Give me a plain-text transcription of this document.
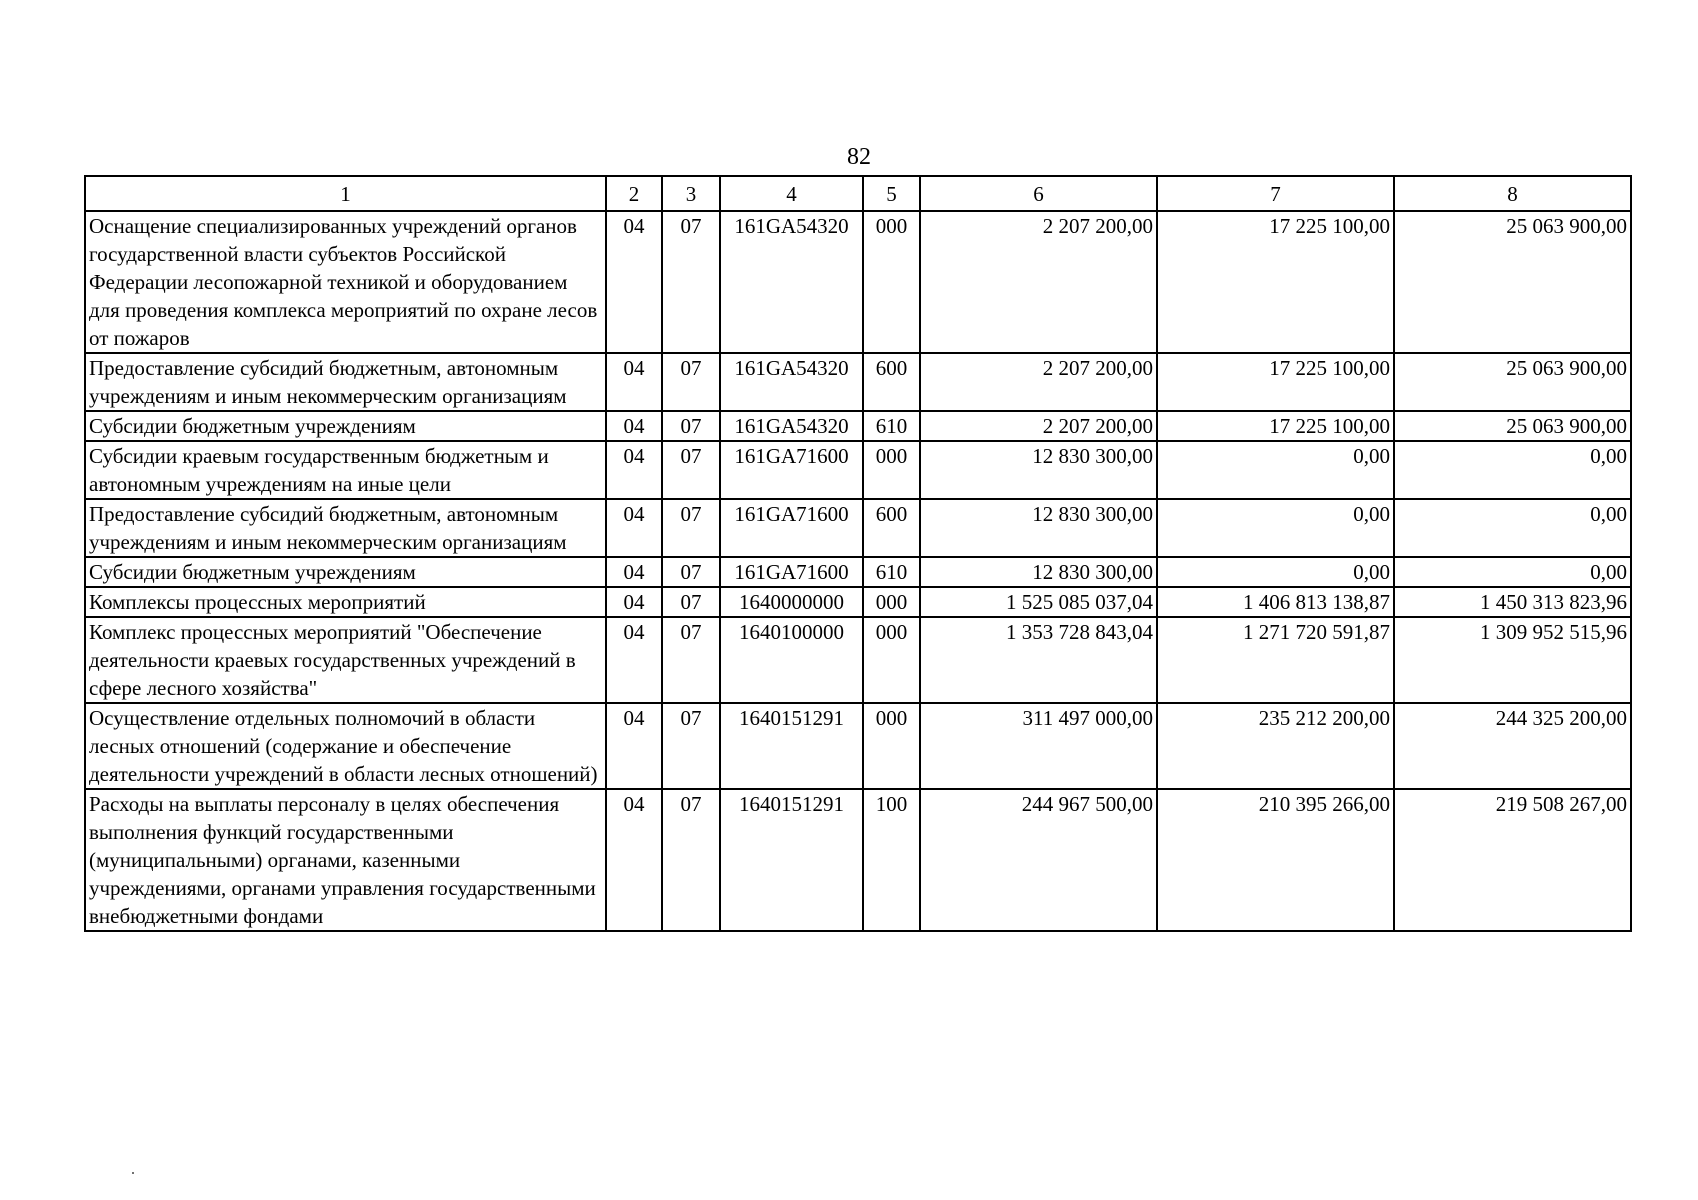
82
1	2	3	4	5	6	7	8
Оснащение специализированных учреждений органов государственной власти субъектов Российской Федерации лесопожарной техникой и оборудованием для проведения комплекса мероприятий по охране лесов от пожаров	04	07	161GA54320	000	2 207 200,00	17 225 100,00	25 063 900,00
Предоставление субсидий бюджетным, автономным учреждениям и иным некоммерческим организациям	04	07	161GA54320	600	2 207 200,00	17 225 100,00	25 063 900,00
Субсидии бюджетным учреждениям	04	07	161GA54320	610	2 207 200,00	17 225 100,00	25 063 900,00
Субсидии краевым государственным бюджетным и автономным учреждениям на иные цели	04	07	161GA71600	000	12 830 300,00	0,00	0,00
Предоставление субсидий бюджетным, автономным учреждениям и иным некоммерческим организациям	04	07	161GA71600	600	12 830 300,00	0,00	0,00
Субсидии бюджетным учреждениям	04	07	161GA71600	610	12 830 300,00	0,00	0,00
Комплексы процессных мероприятий	04	07	1640000000	000	1 525 085 037,04	1 406 813 138,87	1 450 313 823,96
Комплекс процессных мероприятий "Обеспечение деятельности краевых государственных учреждений в сфере лесного хозяйства"	04	07	1640100000	000	1 353 728 843,04	1 271 720 591,87	1 309 952 515,96
Осуществление отдельных полномочий в области лесных отношений (содержание и обеспечение деятельности учреждений в области лесных отношений)	04	07	1640151291	000	311 497 000,00	235 212 200,00	244 325 200,00
Расходы на выплаты персоналу в целях обеспечения выполнения функций государственными (муниципальными) органами, казенными учреждениями, органами управления государственными внебюджетными фондами	04	07	1640151291	100	244 967 500,00	210 395 266,00	219 508 267,00
